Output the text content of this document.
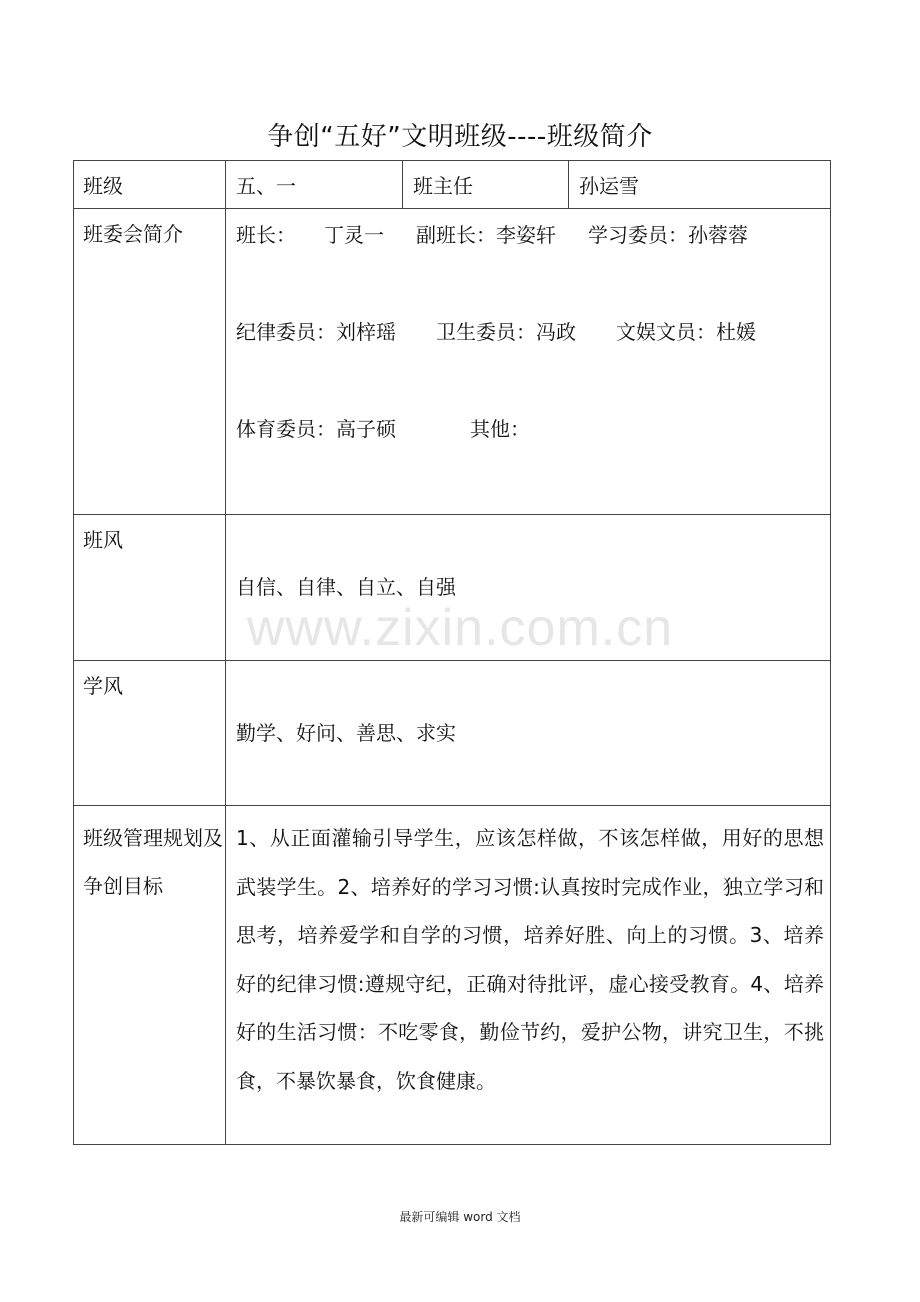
争创“五好”文明班级----班级简介
www.zixin.com.cn
班级	五、一	班主任	孙运雪

班委会简介	班长： 丁灵一 副班长：李姿轩 学习委员：孙蓉蓉
纪律委员：刘梓瑶 卫生委员：冯政 文娱文员：杜媛
体育委员：高子硕 其他：		

班风	自信、自律、自立、自强		

学风	勤学、好问、善思、求实		

班级管理规划及争创目标	1、从正面灌输引导学生，应该怎样做，不该怎样做，用好的思想武装学生。2、培养好的学习习惯:认真按时完成作业，独立学习和思考，培养爱学和自学的习惯，培养好胜、向上的习惯。3、培养好的纪律习惯:遵规守纪，正确对待批评，虚心接受教育。4、培养好的生活习惯：不吃零食，勤俭节约，爱护公物，讲究卫生，不挑食，不暴饮暴食，饮食健康。		
最新可编辑 word 文档
